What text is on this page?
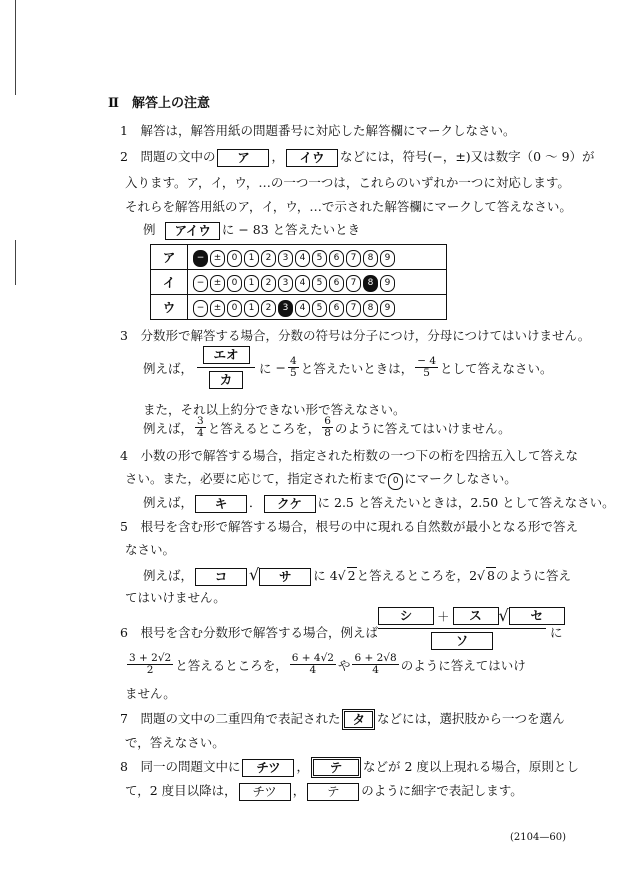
Ⅱ　解答上の注意
1　解答は，解答用紙の問題番号に対応した解答欄にマークしなさい。
2　問題の文中の ア ， イウ などには，符号(−，±)又は数字（0 ～ 9）が
入ります。ア，イ，ウ，…の一つ一つは，これらのいずれか一つに対応します。
それらを解答用紙のア，イ，ウ，…で示された解答欄にマークして答えなさい。
例 アイウ に − 83 と答えたいとき
ア	− ± 0 1 2 3 4 5 6 7 8 9
イ	− ± 0 1 2 3 4 5 6 7 8 9
ウ	− ± 0 1 2 3 4 5 6 7 8 9
3　分数形で解答する場合，分数の符号は分子につけ，分母につけてはいけません。
例えば，
エオ
カ
に
− $\frac{4}{5}$ と答えたいときは， $\frac{- 4}{5}$ として答えなさい。
また，それ以上約分できない形で答えなさい。
例えば， $\frac{3}{4}$ と答えるところを， $\frac{6}{8}$ のように答えてはいけません。
4　小数の形で解答する場合，指定された桁数の一つ下の桁を四捨五入して答えな
さい。また，必要に応じて，指定された桁まで 0 にマークしなさい。
例えば， キ ． クケ に 2.5 と答えたいときは，2.50 として答えなさい。
5　根号を含む形で解答する場合，根号の中に現れる自然数が最小となる形で答え
なさい。
例えば， コ √ サ に 4√ 2と答えるところを，2√ 8のように答え
てはいけません。
6　根号を含む分数形で解答する場合，例えば
シ	＋	ス	√	セ
ソ
に
$\frac{3 + 2√2}{2}$ と答えるところを， $\frac{6 + 4√2}{4}$ や $\frac{6 + 2√8}{4}$ のように答えてはいけ
ません。
7　問題の文中の二重四角で表記された タ などには，選択肢から一つを選ん
で，答えなさい。
8　同一の問題文中に チツ ， テ などが 2 度以上現れる場合，原則とし
て，2 度目以降は， チツ ， テ のように細字で表記します。
(2104—60)
